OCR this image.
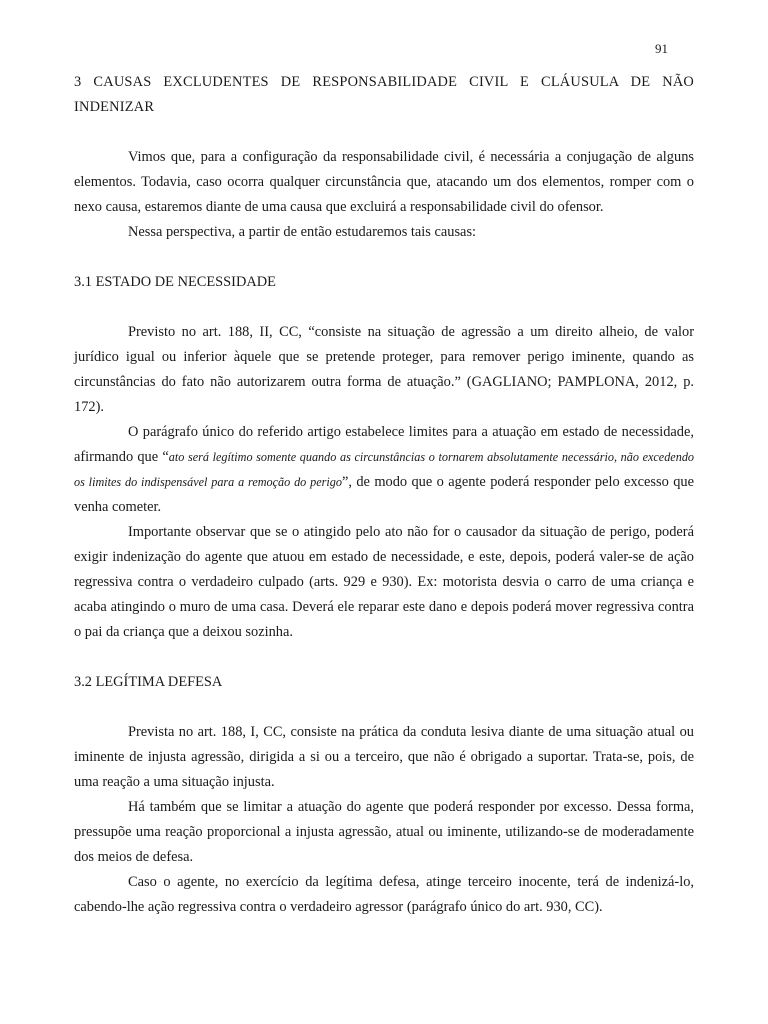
91
3 CAUSAS EXCLUDENTES DE RESPONSABILIDADE CIVIL E CLÁUSULA DE NÃO INDENIZAR

Vimos que, para a configuração da responsabilidade civil, é necessária a conjugação de alguns elementos. Todavia, caso ocorra qualquer circunstância que, atacando um dos elementos, romper com o nexo causa, estaremos diante de uma causa que excluirá a responsabilidade civil do ofensor.

Nessa perspectiva, a partir de então estudaremos tais causas:

3.1 ESTADO DE NECESSIDADE

Previsto no art. 188, II, CC, “consiste na situação de agressão a um direito alheio, de valor jurídico igual ou inferior àquele que se pretende proteger, para remover perigo iminente, quando as circunstâncias do fato não autorizarem outra forma de atuação.” (GAGLIANO; PAMPLONA, 2012, p. 172).

O parágrafo único do referido artigo estabelece limites para a atuação em estado de necessidade, afirmando que “ato será legítimo somente quando as circunstâncias o tornarem absolutamente necessário, não excedendo os limites do indispensável para a remoção do perigo”, de modo que o agente poderá responder pelo excesso que venha cometer.

Importante observar que se o atingido pelo ato não for o causador da situação de perigo, poderá exigir indenização do agente que atuou em estado de necessidade, e este, depois, poderá valer-se de ação regressiva contra o verdadeiro culpado (arts. 929 e 930). Ex: motorista desvia o carro de uma criança e acaba atingindo o muro de uma casa. Deverá ele reparar este dano e depois poderá mover regressiva contra o pai da criança que a deixou sozinha.

3.2 LEGÍTIMA DEFESA

Prevista no art. 188, I, CC, consiste na prática da conduta lesiva diante de uma situação atual ou iminente de injusta agressão, dirigida a si ou a terceiro, que não é obrigado a suportar. Trata-se, pois, de uma reação a uma situação injusta.

Há também que se limitar a atuação do agente que poderá responder por excesso. Dessa forma, pressupõe uma reação proporcional a injusta agressão, atual ou iminente, utilizando-se de moderadamente dos meios de defesa.

Caso o agente, no exercício da legítima defesa, atinge terceiro inocente, terá de indenizá-lo, cabendo-lhe ação regressiva contra o verdadeiro agressor (parágrafo único do art. 930, CC).
